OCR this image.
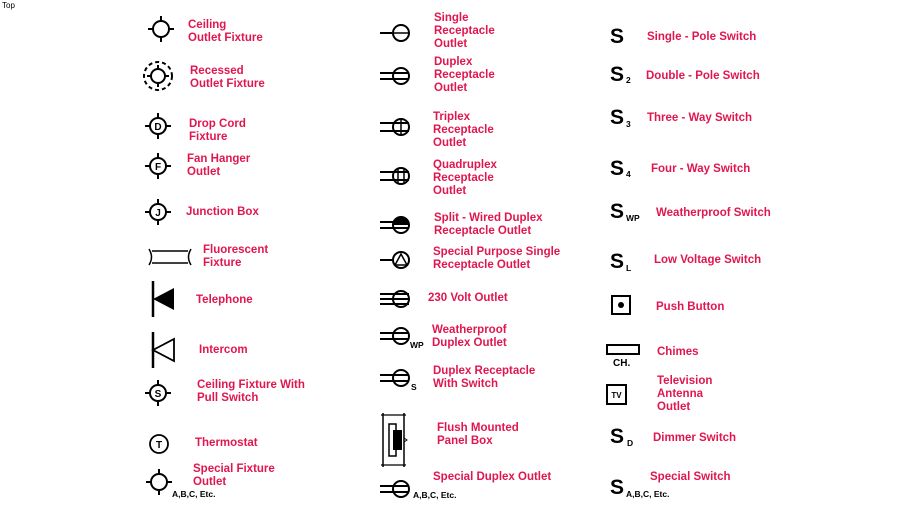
Top
Ceiling
Outlet Fixture
Recessed
Outlet Fixture
D Drop Cord
Fixture
F
Fan Hanger
Outlet
J Junction Box
Fluorescent
Fixture
Telephone
Intercom
S
Ceiling Fixture With
Pull Switch
T	Thermostat
Special Fixture
Outlet
A,B,C, Etc.
Single
Receptacle
Outlet
Duplex
Receptacle
Outlet
Triplex
Receptacle
Outlet
Quadruplex
Receptacle
Outlet
Split - Wired Duplex
Receptacle Outlet
Special Purpose Single
Receptacle Outlet
230 Volt Outlet
WP
Weatherproof
Duplex Outlet
S
Duplex Receptacle
With Switch
Flush Mounted
Panel Box
A,B,C, Etc.
Special Duplex Outlet
S Single - Pole Switch
S 2 Double - Pole Switch
S 3 Three - Way Switch
S 4 Four - Way Switch
S WP Weatherproof Switch
S L
Low Voltage Switch
Push Button
CH.
Chimes
TV
Television
Antenna
Outlet
S D Dimmer Switch
S A,B,C, Etc.
Special Switch
